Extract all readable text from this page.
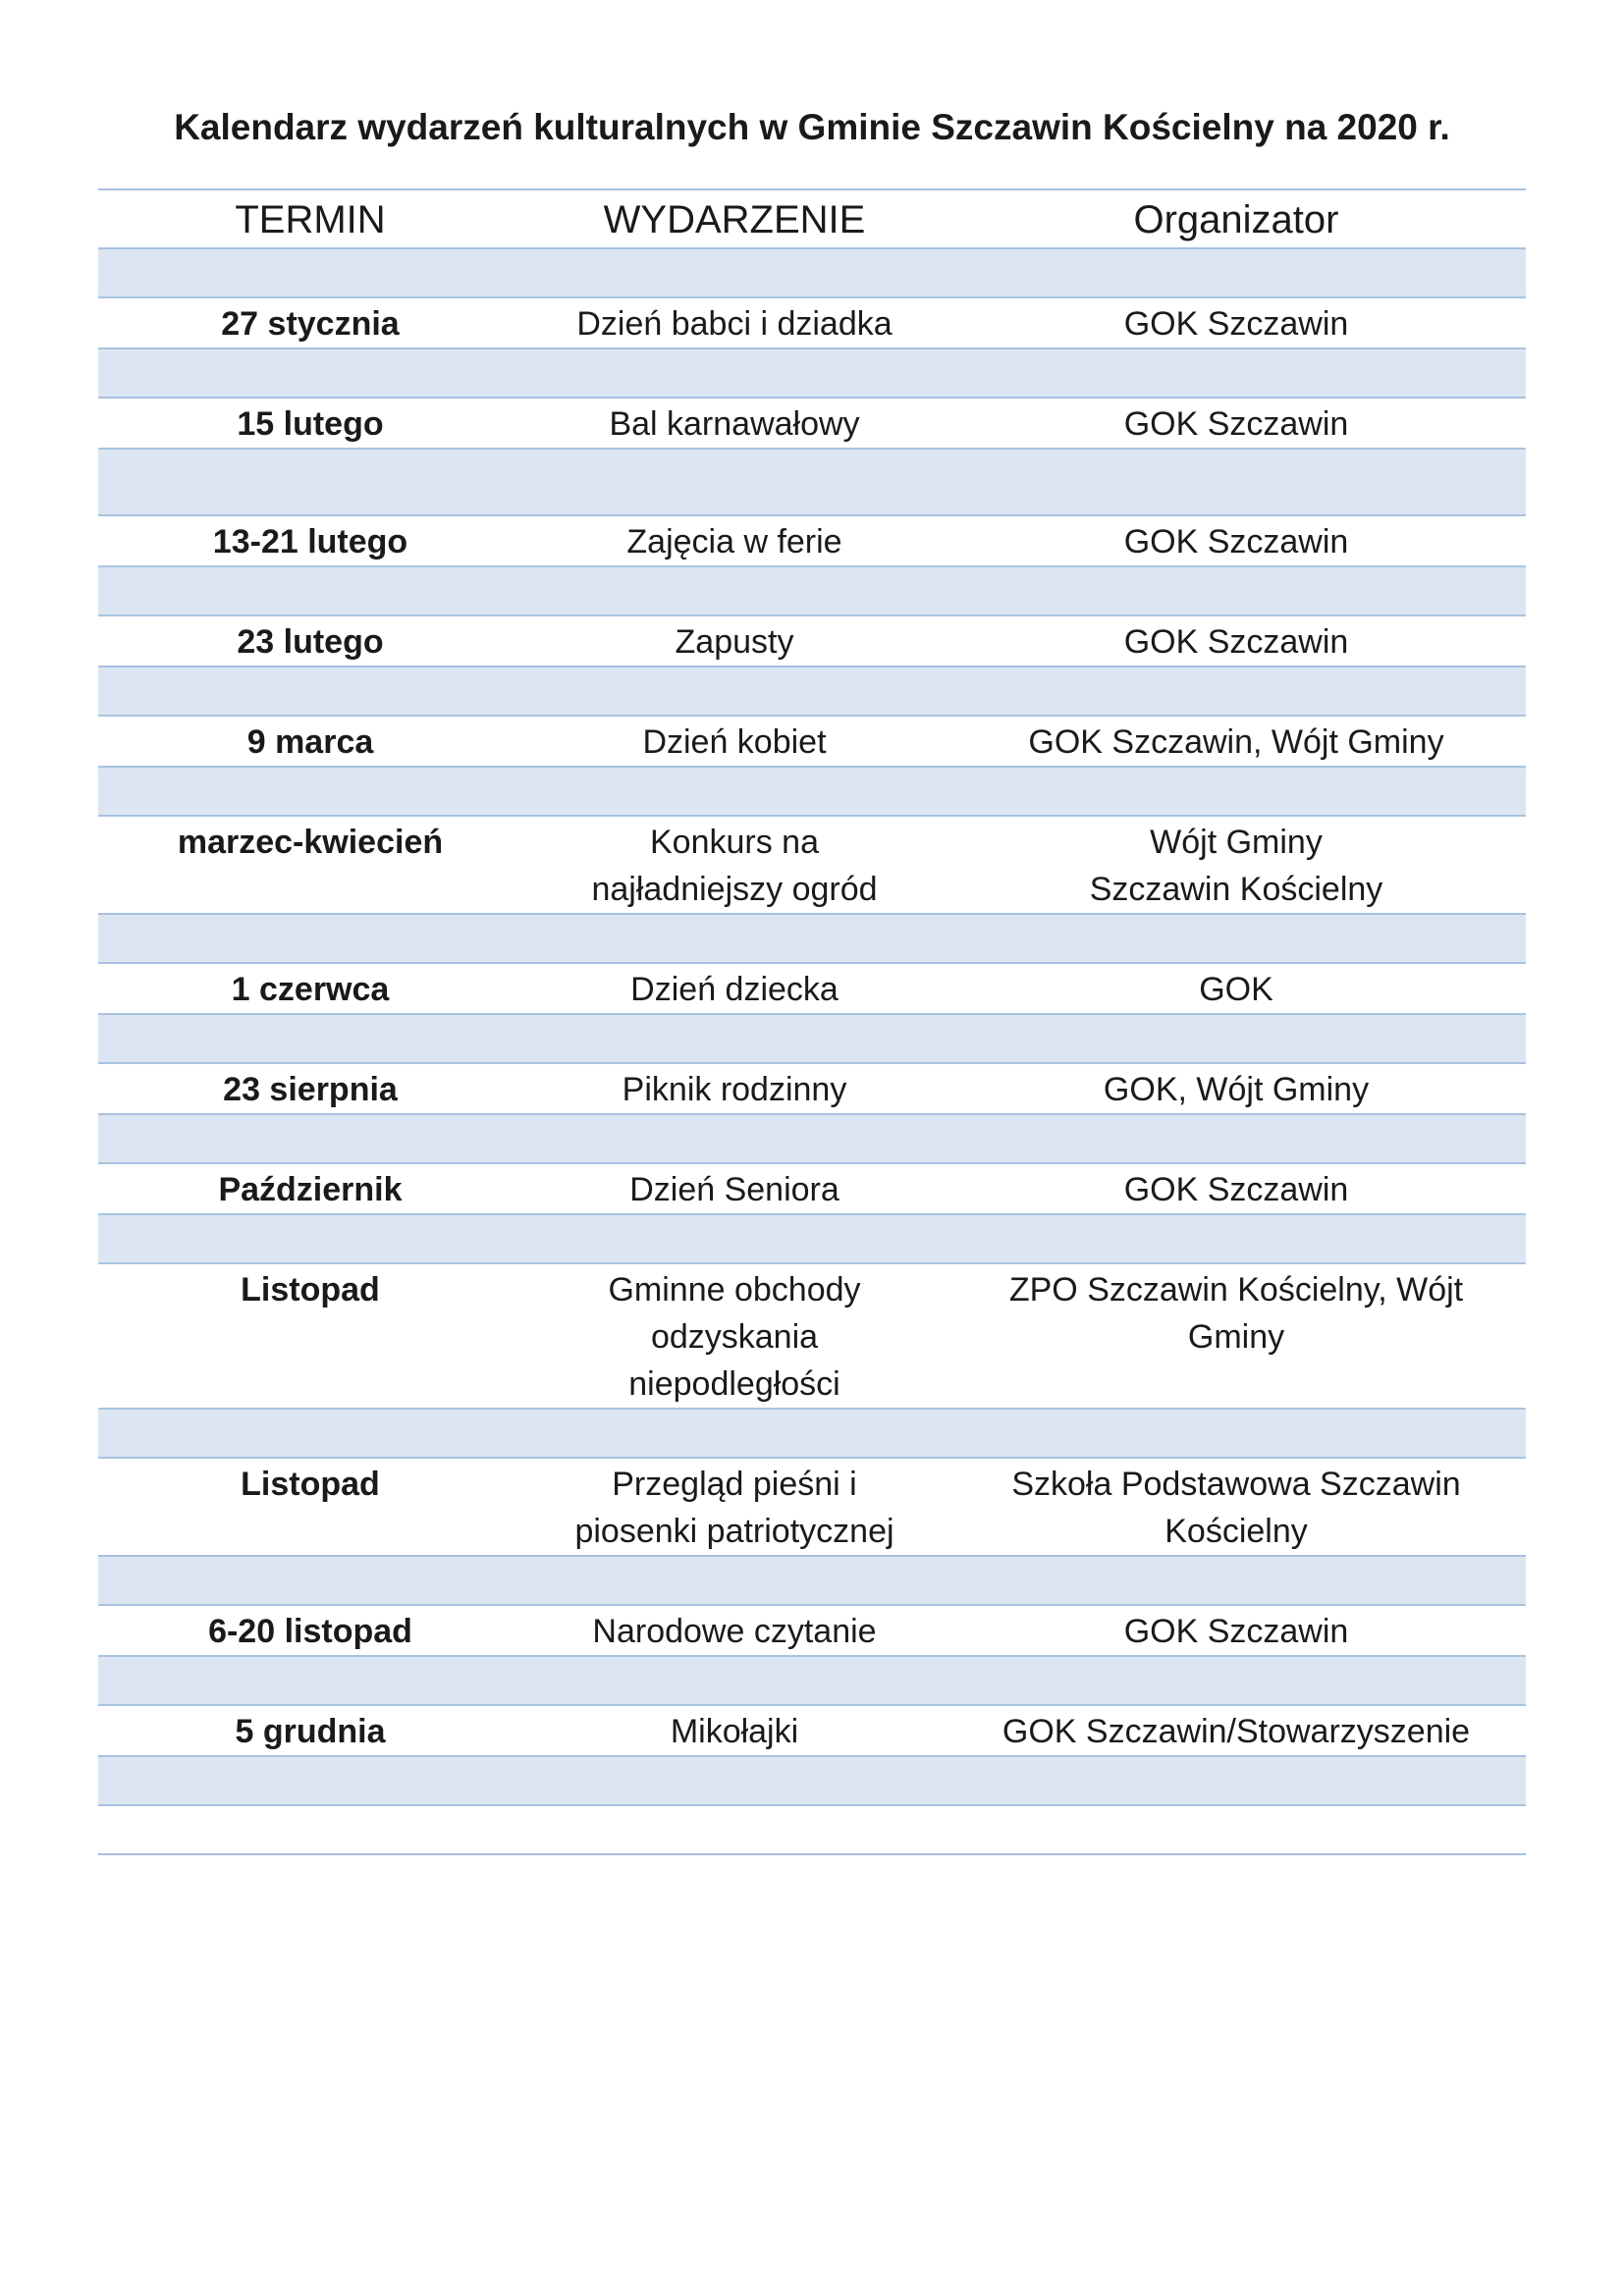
Kalendarz wydarzeń kulturalnych w Gminie Szczawin Kościelny na 2020 r.
TERMIN	WYDARZENIE	Organizator

27 stycznia	Dzień babci i dziadka	GOK Szczawin

15 lutego	Bal karnawałowy	GOK Szczawin

13-21 lutego	Zajęcia w ferie	GOK Szczawin

23 lutego	Zapusty	GOK Szczawin

9 marca	Dzień kobiet	GOK Szczawin, Wójt Gminy

marzec-kwiecień	Konkurs na najładniejszy ogród	Wójt Gminy Szczawin Kościelny

1 czerwca	Dzień dziecka	GOK

23 sierpnia	Piknik rodzinny	GOK, Wójt Gminy

Październik	Dzień Seniora	GOK Szczawin

Listopad	Gminne obchody odzyskania niepodległości	ZPO Szczawin Kościelny, Wójt Gminy

Listopad	Przegląd pieśni i piosenki patriotycznej	Szkoła Podstawowa Szczawin Kościelny

6-20 listopad	Narodowe czytanie	GOK Szczawin

5 grudnia	Mikołajki	GOK Szczawin/Stowarzyszenie
